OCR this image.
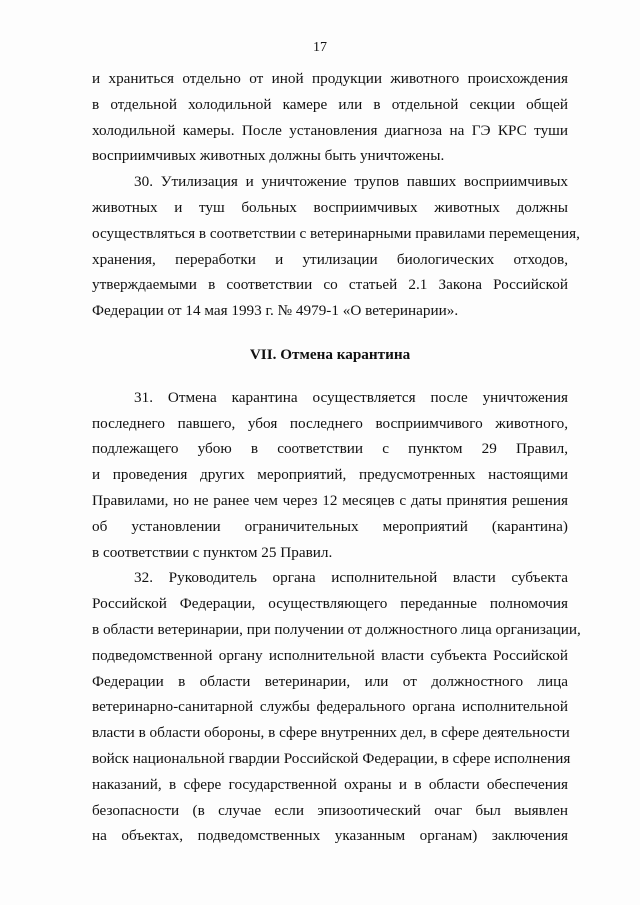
17

и храниться отдельно от иной продукции животного происхождения
в отдельной холодильной камере или в отдельной секции общей
холодильной камеры. После установления диагноза на ГЭ КРС туши
восприимчивых животных должны быть уничтожены.

30. Утилизация и уничтожение трупов павших восприимчивых
животных и туш больных восприимчивых животных должны
осуществляться в соответствии с ветеринарными правилами перемещения,
хранения, переработки и утилизации биологических отходов,
утверждаемыми в соответствии со статьей 2.1 Закона Российской
Федерации от 14 мая 1993 г. № 4979-1 «О ветеринарии».

VII. Отмена карантина

31. Отмена карантина осуществляется после уничтожения
последнего павшего, убоя последнего восприимчивого животного,
подлежащего убою в соответствии с пунктом 29 Правил,
и проведения других мероприятий, предусмотренных настоящими
Правилами, но не ранее чем через 12 месяцев с даты принятия решения
об установлении ограничительных мероприятий (карантина)
в соответствии с пунктом 25 Правил.

32. Руководитель органа исполнительной власти субъекта
Российской Федерации, осуществляющего переданные полномочия
в области ветеринарии, при получении от должностного лица организации,
подведомственной органу исполнительной власти субъекта Российской
Федерации в области ветеринарии, или от должностного лица
ветеринарно-санитарной службы федерального органа исполнительной
власти в области обороны, в сфере внутренних дел, в сфере деятельности
войск национальной гвардии Российской Федерации, в сфере исполнения
наказаний, в сфере государственной охраны и в области обеспечения
безопасности (в случае если эпизоотический очаг был выявлен
на объектах, подведомственных указанным органам) заключения
